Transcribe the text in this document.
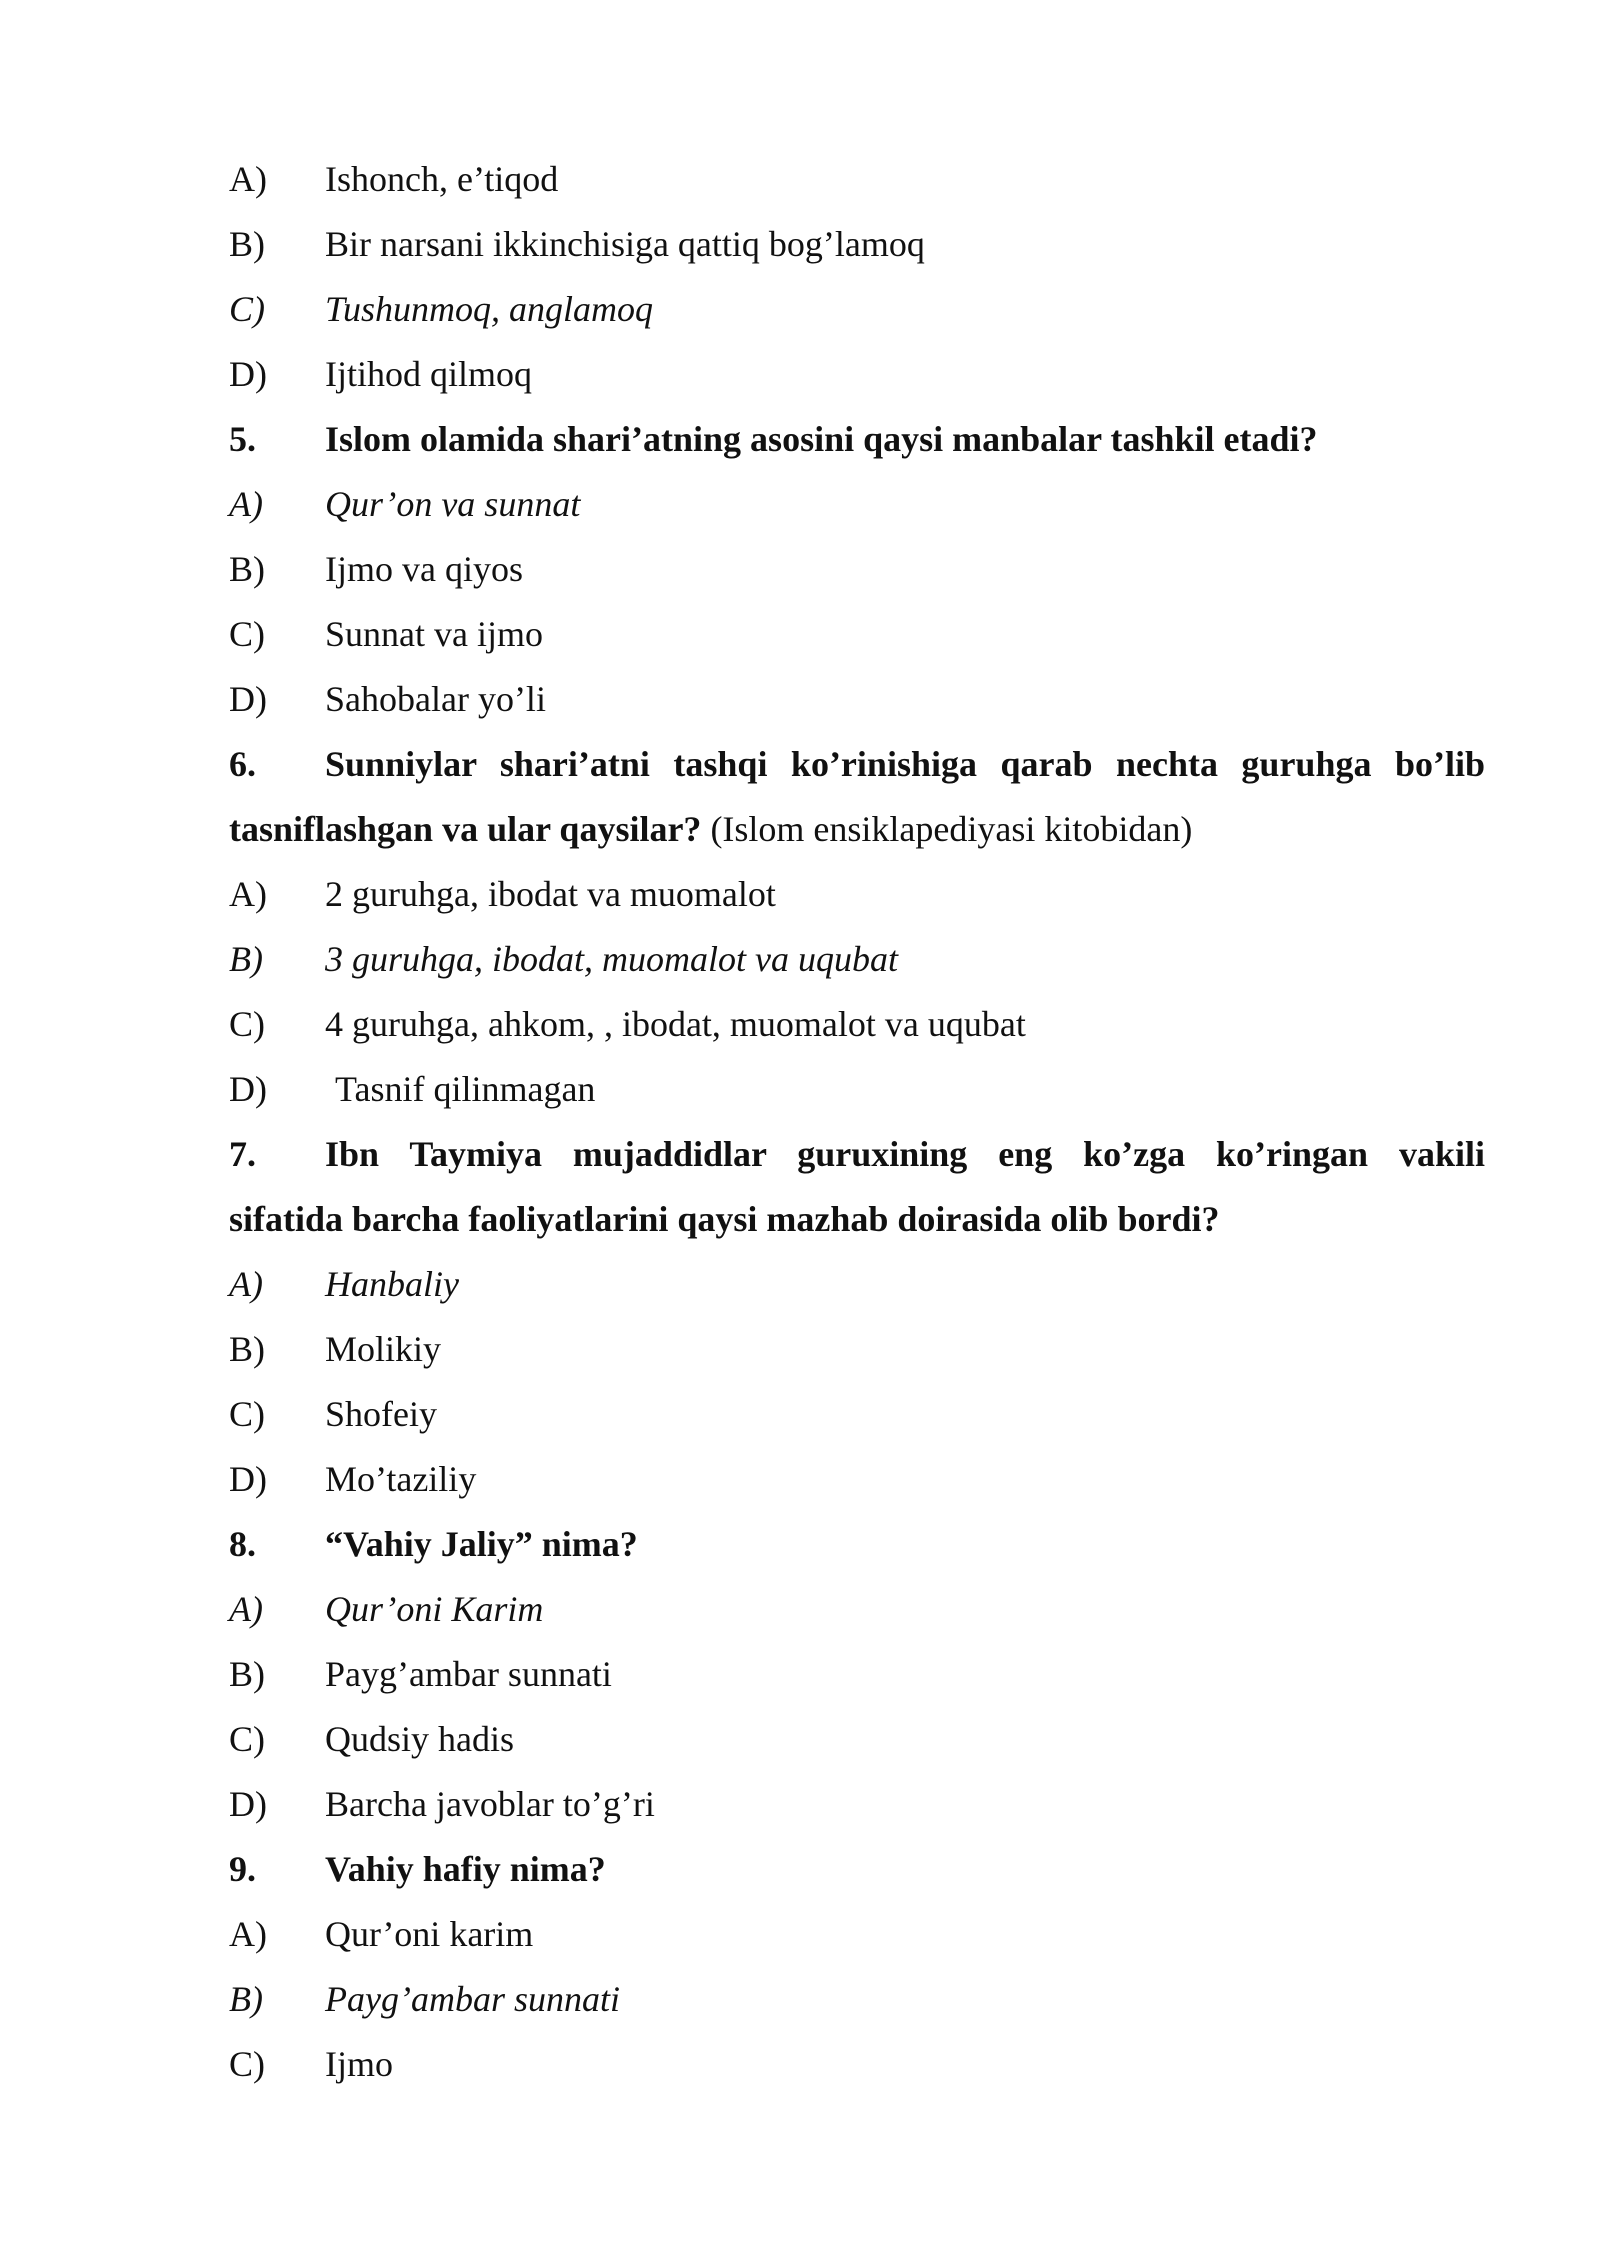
A) Ishonch, e’tiqod
B) Bir narsani ikkinchisiga qattiq bog’lamoq
C) Tushunmoq, anglamoq
D) Ijtihod qilmoq
5. Islom olamida shari’atning asosini qaysi manbalar tashkil etadi?
A) Qur’on va sunnat
B) Ijmo va qiyos
C) Sunnat va ijmo
D) Sahobalar yo’li
6. Sunniylar shari’atni tashqi ko’rinishiga qarab nechta guruhga bo’lib
tasniflashgan va ular qaysilar? (Islom ensiklapediyasi kitobidan)
A) 2 guruhga, ibodat va muomalot
B) 3 guruhga, ibodat, muomalot va uqubat
C) 4 guruhga, ahkom, , ibodat, muomalot va uqubat
D) Tasnif qilinmagan
7. Ibn Taymiya mujaddidlar guruxining eng ko’zga ko’ringan vakili
sifatida barcha faoliyatlarini qaysi mazhab doirasida olib bordi?
A) Hanbaliy
B) Molikiy
C) Shofeiy
D) Mo’taziliy
8. “Vahiy Jaliy” nima?
A) Qur’oni Karim
B) Payg’ambar sunnati
C) Qudsiy hadis
D) Barcha javoblar to’g’ri
9. Vahiy hafiy nima?
A) Qur’oni karim
B) Payg’ambar sunnati
C) Ijmo
